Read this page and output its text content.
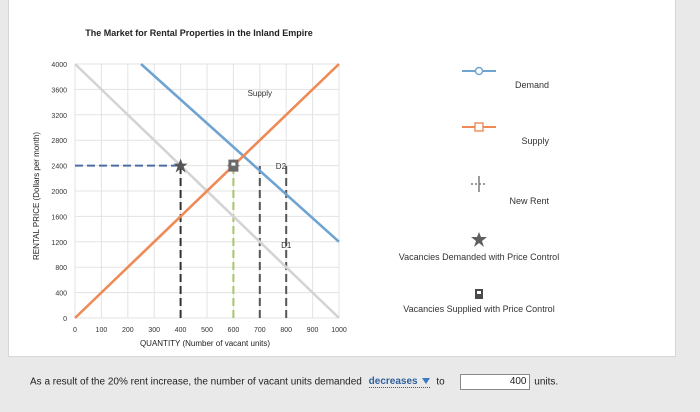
The Market for Rental Properties in the Inland Empire
0	100 200 300 400 500 600 700 800 900 1000
0
400
800
1200
1600
2000
2400
2800
3200
3600
4000
Supply
D2
D1
QUANTITY (Number of vacant units)
RENTAL PRICE (Dollars per month)
Demand
Supply
New Rent
Vacancies Demanded with Price Control
Vacancies Supplied with Price Control
As a result of the 20% rent increase, the number of vacant units demanded decreases to	400 units.
